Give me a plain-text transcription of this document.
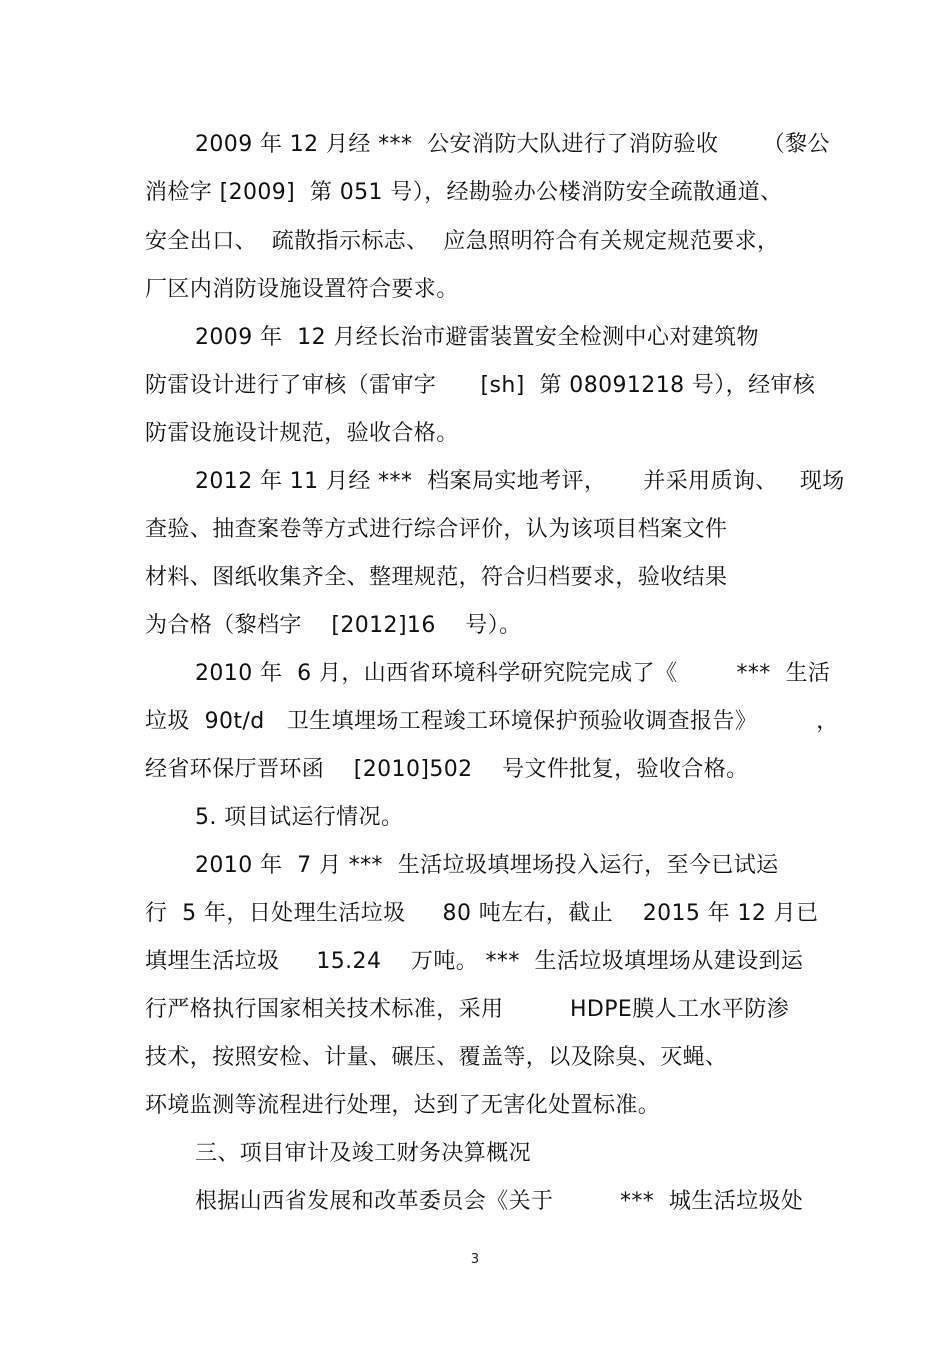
2009 年 12 月经 ***  公安消防大队进行了消防验收      （黎公
消检字 [2009]  第 051 号），经勘验办公楼消防安全疏散通道、
安全出口、  疏散指示标志、  应急照明符合有关规定规范要求，
厂区内消防设施设置符合要求。
2009 年  12 月经长治市避雷装置安全检测中心对建筑物
防雷设计进行了审核（雷审字      [sh]  第 08091218 号），经审核
防雷设施设计规范，验收合格。
2012 年 11 月经 ***  档案局实地考评，     并采用质询、   现场
查验、抽查案卷等方式进行综合评价，认为该项目档案文件
材料、图纸收集齐全、整理规范，符合归档要求，验收结果
为合格（黎档字    [2012]16    号）。
2010 年  6 月，山西省环境科学研究院完成了《        ***  生活
垃圾  90t/d   卫生填埋场工程竣工环境保护预验收调查报告》        ，
经省环保厅晋环函    [2010]502    号文件批复，验收合格。
5. 项目试运行情况。
2010 年  7 月 ***  生活垃圾填埋场投入运行，至今已试运
行  5 年，日处理生活垃圾     80 吨左右，截止    2015 年 12 月已
填埋生活垃圾     15.24    万吨。 ***  生活垃圾填埋场从建设到运
行严格执行国家相关技术标准，采用         HDPE膜人工水平防渗
技术，按照安检、计量、碾压、覆盖等，以及除臭、灭蝇、
环境监测等流程进行处理，达到了无害化处置标准。
三、项目审计及竣工财务决算概况
根据山西省发展和改革委员会《关于         ***  城生活垃圾处
3
